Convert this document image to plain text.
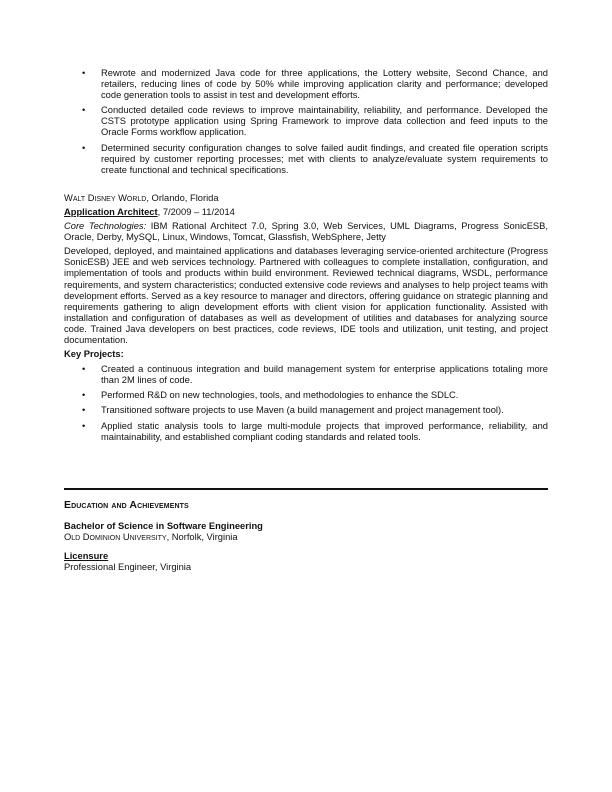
• Rewrote and modernized Java code for three applications, the Lottery website, Second Chance, and retailers, reducing lines of code by 50% while improving application clarity and performance; developed code generation tools to assist in test and development efforts.
• Conducted detailed code reviews to improve maintainability, reliability, and performance. Developed the CSTS prototype application using Spring Framework to improve data collection and feed inputs to the Oracle Forms workflow application.
• Determined security configuration changes to solve failed audit findings, and created file operation scripts required by customer reporting processes; met with clients to analyze/evaluate system requirements to create functional and technical specifications.
Walt Disney World, Orlando, Florida
Application Architect, 7/2009 – 11/2014
Core Technologies: IBM Rational Architect 7.0, Spring 3.0, Web Services, UML Diagrams, Progress SonicESB, Oracle, Derby, MySQL, Linux, Windows, Tomcat, Glassfish, WebSphere, Jetty
Developed, deployed, and maintained applications and databases leveraging service-oriented architecture (Progress SonicESB) JEE and web services technology. Partnered with colleagues to complete installation, configuration, and implementation of tools and products within build environment. Reviewed technical diagrams, WSDL, performance requirements, and system characteristics; conducted extensive code reviews and analyses to help project teams with development efforts. Served as a key resource to manager and directors, offering guidance on strategic planning and requirements gathering to align development efforts with client vision for application functionality. Assisted with installation and configuration of databases as well as development of utilities and databases for analyzing source code. Trained Java developers on best practices, code reviews, IDE tools and utilization, unit testing, and project documentation.
Key Projects:
• Created a continuous integration and build management system for enterprise applications totaling more than 2M lines of code.
• Performed R&D on new technologies, tools, and methodologies to enhance the SDLC.
• Transitioned software projects to use Maven (a build management and project management tool).
• Applied static analysis tools to large multi-module projects that improved performance, reliability, and maintainability, and established compliant coding standards and related tools.
Education and Achievements
Bachelor of Science in Software Engineering
Old Dominion University, Norfolk, Virginia
Licensure
Professional Engineer, Virginia
